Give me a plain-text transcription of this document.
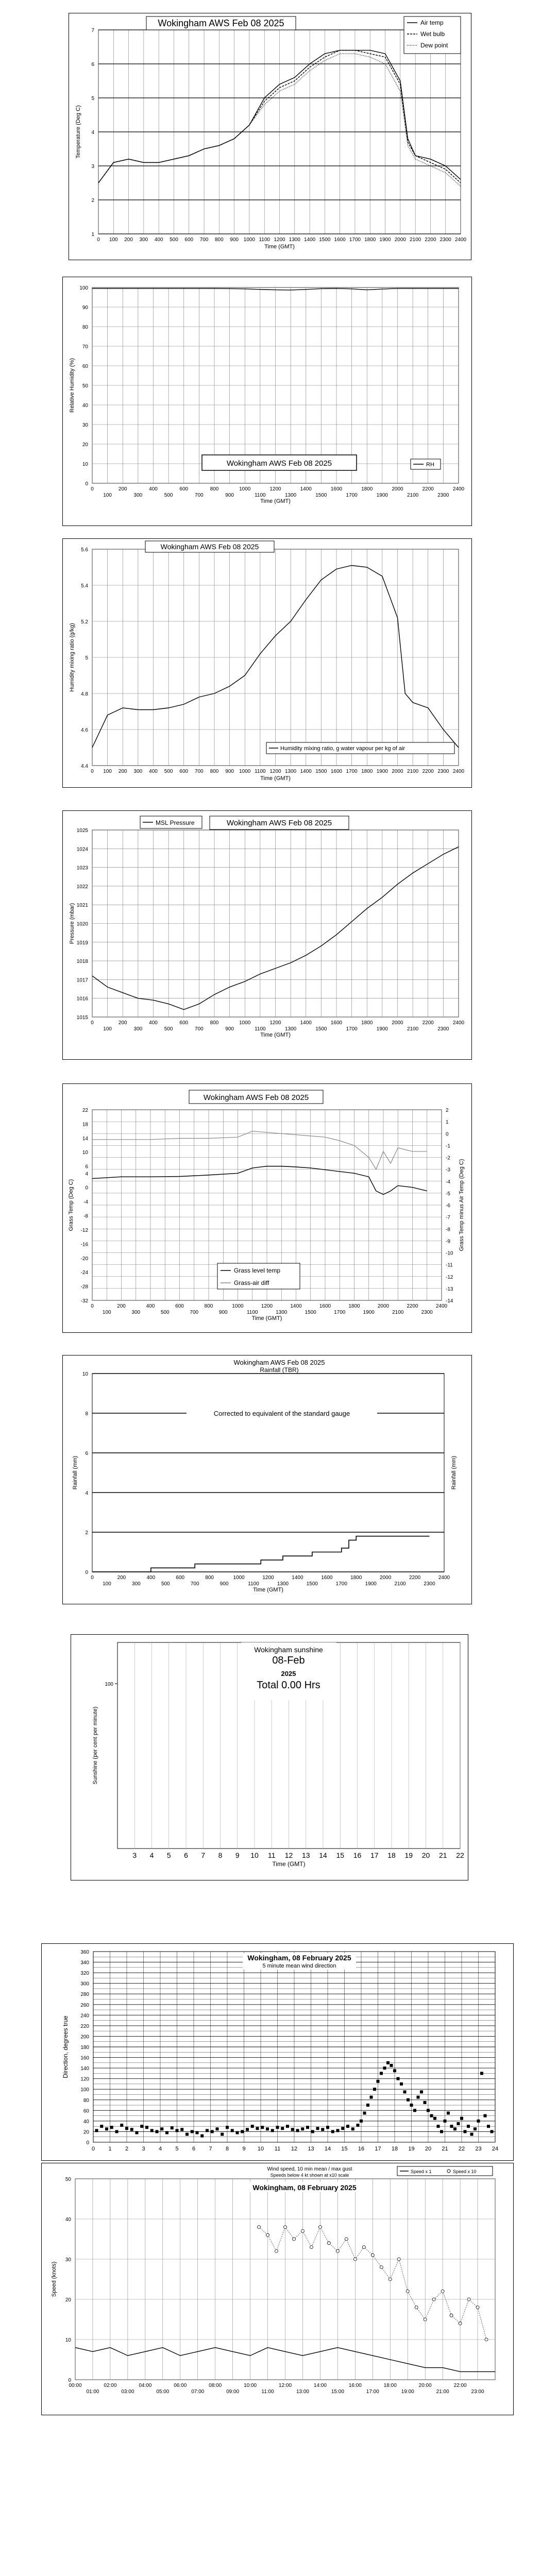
1
2
3
4
5
6
7
0 100 200 300 400 500 600 700 800 900 1000 1100 1200 1300 1400 1500 1600 1700 1800 1900 2000 2100 2200 2300 2400
Time (GMT)
Temperature (Deg C)
Wokingham AWS Feb 08 2025	Air temp
Wet bulb
Dew point
0
10
20
30
40
50
60
70
80
90
100
0	200	400	600	800	1000	1200	1400	1600	1800	2000	2200	2400
100	300	500	700	900	1100	1300	1500	1700	1900	2100	2300
Time (GMT)
Relative Humidity (%)
Wokingham AWS Feb 08 2025	RH
4.4
4.6
4.8
5
5.2
5.4
5.6
0 100 200 300 400 500 600 700 800 900 1000 1100 1200 1300 1400 1500 1600 1700 1800 1900 2000 2100 2200 2300 2400
Time (GMT)
Humidity mixing ratio (g/kg)
Wokingham AWS Feb 08 2025
Humidity mixing ratio, g water vapour per kg of air
1015
1016
1017
1018
1019
1020
1021
1022
1023
1024
1025
0	200	400	600	800	1000	1200	1400	1600	1800	2000	2200	2400
100	300	500	700	900	1100	1300	1500	1700	1900	2100	2300
Time (GMT)
Pressure (mbar)
MSL Pressure	Wokingham AWS Feb 08 2025
-32
-28
-24
-20
-16
-12
-8
-4
0
4
6
10
14
18
22
-14
-13
-12
-11
-10
-9
-8
-7
-6
-5
-4
-3
-2
-1
0
1
2
0	200	400	600	800	1000	1200	1400	1600	1800	2000	2200	2400
100	300	500	700	900	1100	1300	1500	1700	1900	2100	2300
Time (GMT)
Grass Temp (Deg C)	Grass Temp minus Air Temp (Deg C)
Wokingham AWS Feb 08 2025
Grass level temp
Grass-air diff
0
2
4
6
8
10
0	200	400	600	800	1000	1200	1400	1600	1800	2000	2200	2400
100	300	500	700	900	1100	1300	1500	1700	1900	2100	2300
Time (GMT)
Rainfall (mm)	Rainfall (mm)
Wokingham AWS Feb 08 2025
Rainfall (TBR)
Corrected to equivalent of the standard gauge
3 4 5 6 7 8 9 10 11 12 13 14 15 16 17 18 19 20 21 22
100
Time (GMT)
Sunshine (per cent per minute)
Wokingham sunshine
08-Feb
2025
Total 0.00 Hrs
0
20
40
60
80
100
120
140
160
180
200
220
240
260
280
300
320
340
360
0 1 2 3 4 5 6 7 8 9 10 11 12 13 14 15 16 17 18 19 20 21 22 23 24
Direction, degrees true
Wokingham, 08 February 2025
5 minute mean wind direction
0
10
20
30
40
50
00:00	02:00	04:00	06:00	08:00	10:00	12:00	14:00	16:00	18:00	20:00	22:00
01:00	03:00	05:00	07:00	09:00	11:00	13:00	15:00	17:00	19:00	21:00	23:00
Speed (knots)
Wind speed, 10 min mean / max gust
Speeds below 4 kt shown at x10 scale
Speed x 1	Speed x 10
Wokingham, 08 February 2025
